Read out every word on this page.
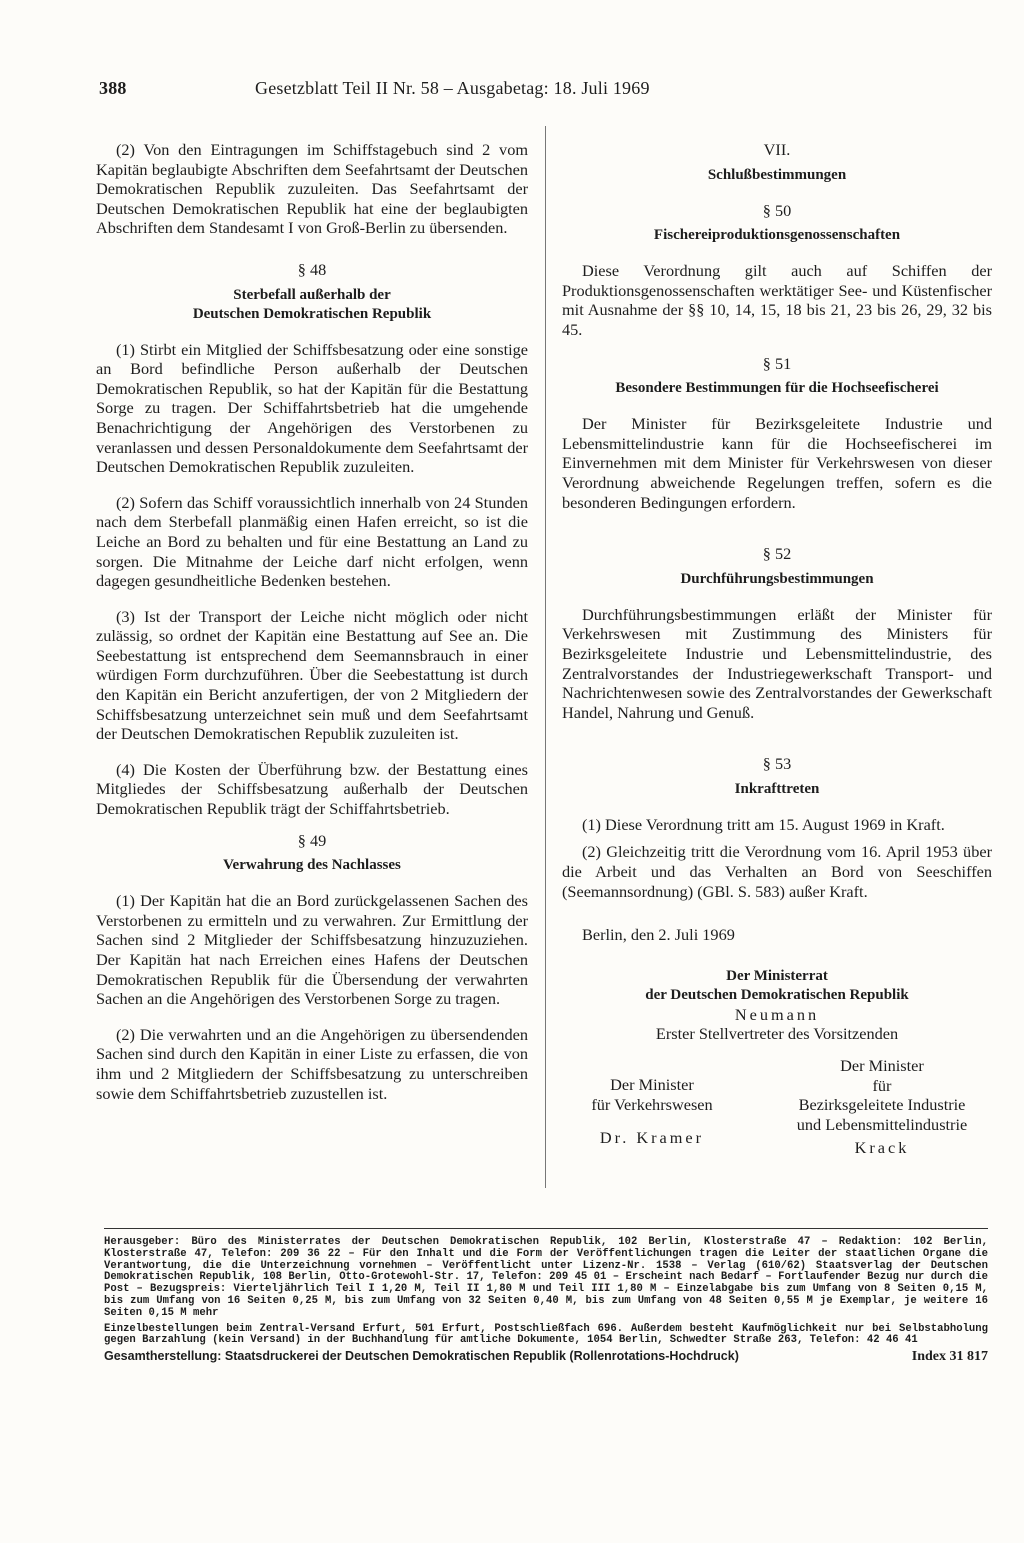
388	Gesetzblatt Teil II Nr. 58 – Ausgabetag: 18. Juli 1969

(2) Von den Eintragungen im Schiffstagebuch sind 2 vom Kapitän beglaubigte Abschriften dem Seefahrtsamt der Deutschen Demokratischen Republik zuzuleiten. Das Seefahrtsamt der Deutschen Demokratischen Republik hat eine der beglaubigten Abschriften dem Standesamt I von Groß-Berlin zu übersenden.

§ 48

Sterbefall außerhalb der

Deutschen Demokratischen Republik

(1) Stirbt ein Mitglied der Schiffsbesatzung oder eine sonstige an Bord befindliche Person außerhalb der Deutschen Demokratischen Republik, so hat der Kapitän für die Bestattung Sorge zu tragen. Der Schiffahrtsbetrieb hat die umgehende Benachrichtigung der Angehörigen des Verstorbenen zu veranlassen und dessen Personaldokumente dem Seefahrtsamt der Deutschen Demokratischen Republik zuzuleiten.

(2) Sofern das Schiff voraussichtlich innerhalb von 24 Stunden nach dem Sterbefall planmäßig einen Hafen erreicht, so ist die Leiche an Bord zu behalten und für eine Bestattung an Land zu sorgen. Die Mitnahme der Leiche darf nicht erfolgen, wenn dagegen gesundheitliche Bedenken bestehen.

(3) Ist der Transport der Leiche nicht möglich oder nicht zulässig, so ordnet der Kapitän eine Bestattung auf See an. Die Seebestattung ist entsprechend dem Seemannsbrauch in einer würdigen Form durchzuführen. Über die Seebestattung ist durch den Kapitän ein Bericht anzufertigen, der von 2 Mitgliedern der Schiffsbesatzung unterzeichnet sein muß und dem Seefahrtsamt der Deutschen Demokratischen Republik zuzuleiten ist.

(4) Die Kosten der Überführung bzw. der Bestattung eines Mitgliedes der Schiffsbesatzung außerhalb der Deutschen Demokratischen Republik trägt der Schiffahrtsbetrieb.

§ 49

Verwahrung des Nachlasses

(1) Der Kapitän hat die an Bord zurückgelassenen Sachen des Verstorbenen zu ermitteln und zu verwahren. Zur Ermittlung der Sachen sind 2 Mitglieder der Schiffsbesatzung hinzuzuziehen. Der Kapitän hat nach Erreichen eines Hafens der Deutschen Demokratischen Republik für die Übersendung der verwahrten Sachen an die Angehörigen des Verstorbenen Sorge zu tragen.

(2) Die verwahrten und an die Angehörigen zu übersendenden Sachen sind durch den Kapitän in einer Liste zu erfassen, die von ihm und 2 Mitgliedern der Schiffsbesatzung zu unterschreiben sowie dem Schiffahrtsbetrieb zuzustellen ist.

VII.

Schlußbestimmungen

§ 50

Fischereiproduktionsgenossenschaften

Diese Verordnung gilt auch auf Schiffen der Produktionsgenossenschaften werktätiger See- und Küstenfischer mit Ausnahme der §§ 10, 14, 15, 18 bis 21, 23 bis 26, 29, 32 bis 45.

§ 51

Besondere Bestimmungen für die Hochseefischerei

Der Minister für Bezirksgeleitete Industrie und Lebensmittelindustrie kann für die Hochseefischerei im Einvernehmen mit dem Minister für Verkehrswesen von dieser Verordnung abweichende Regelungen treffen, sofern es die besonderen Bedingungen erfordern.

§ 52

Durchführungsbestimmungen

Durchführungsbestimmungen erläßt der Minister für Verkehrswesen mit Zustimmung des Ministers für Bezirksgeleitete Industrie und Lebensmittelindustrie, des Zentralvorstandes der Industriegewerkschaft Transport- und Nachrichtenwesen sowie des Zentralvorstandes der Gewerkschaft Handel, Nahrung und Genuß.

§ 53

Inkrafttreten

(1) Diese Verordnung tritt am 15. August 1969 in Kraft.

(2) Gleichzeitig tritt die Verordnung vom 16. April 1953 über die Arbeit und das Verhalten an Bord von Seeschiffen (Seemannsordnung) (GBl. S. 583) außer Kraft.

Berlin, den 2. Juli 1969

Der Ministerrat
der Deutschen Demokratischen Republik
Neumann
Erster Stellvertreter des Vorsitzenden
Der Minister
für Verkehrswesen
Dr. Kramer
Der Minister
für
Bezirksgeleitete Industrie
und Lebensmittelindustrie
Krack

Herausgeber: Büro des Ministerrates der Deutschen Demokratischen Republik, 102 Berlin, Klosterstraße 47 – Redaktion: 102 Berlin, Klosterstraße 47, Telefon: 209 36 22 – Für den Inhalt und die Form der Veröffentlichungen tragen die Leiter der staatlichen Organe die Verantwortung, die die Unterzeichnung vornehmen – Veröffentlicht unter Lizenz-Nr. 1538 – Verlag (610/62) Staatsverlag der Deutschen Demokratischen Republik, 108 Berlin, Otto-Grotewohl-Str. 17, Telefon: 209 45 01 – Erscheint nach Bedarf – Fortlaufender Bezug nur durch die Post – Bezugspreis: Vierteljährlich Teil I 1,20 M, Teil II 1,80 M und Teil III 1,80 M – Einzelabgabe bis zum Umfang von 8 Seiten 0,15 M, bis zum Umfang von 16 Seiten 0,25 M, bis zum Umfang von 32 Seiten 0,40 M, bis zum Umfang von 48 Seiten 0,55 M je Exemplar, je weitere 16 Seiten 0,15 M mehr

Einzelbestellungen beim Zentral-Versand Erfurt, 501 Erfurt, Postschließfach 696. Außerdem besteht Kaufmöglichkeit nur bei Selbstabholung gegen Barzahlung (kein Versand) in der Buchhandlung für amtliche Dokumente, 1054 Berlin, Schwedter Straße 263, Telefon: 42 46 41

Gesamtherstellung: Staatsdruckerei der Deutschen Demokratischen Republik (Rollenrotations-Hochdruck)	Index 31 817
